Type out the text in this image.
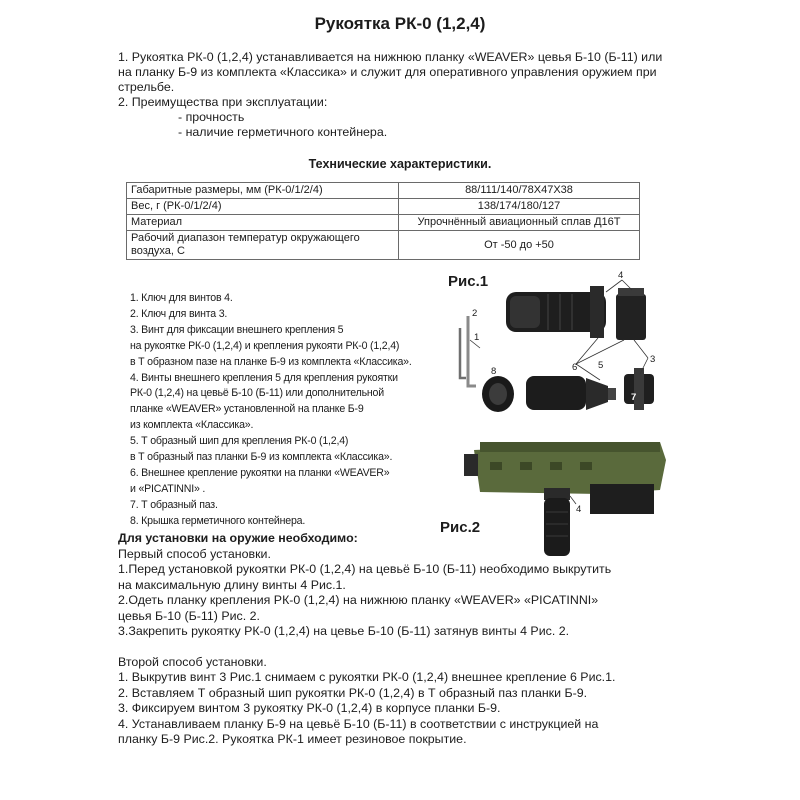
Рукоятка РК-0 (1,2,4)

1. Рукоятка РК-0 (1,2,4) устанавливается на нижнюю планку «WEAVER» цевья Б-10 (Б-11) или

на планку Б-9 из комплекта «Классика» и служит для оперативного управления оружием при

стрельбе.

2. Преимущества при эксплуатации:

- прочность

- наличие герметичного контейнера.

Технические характеристики.
Габаритные размеры, мм (РК-0/1/2/4)	88/111/140/78Х47Х38
Вес, г (РК-0/1/2/4)	138/174/180/127
Материал	Упрочнённый авиационный сплав Д16Т
Рабочий диапазон температур окружающего воздуха, С	От -50 до +50
1. Ключ для винтов 4.
2. Ключ для винта 3.
3. Винт для фиксации внешнего крепления 5
на рукоятке РК-0 (1,2,4) и крепления рукояти РК-0 (1,2,4)
в Т образном пазе на планке Б-9 из комплекта «Классика».
4. Винты внешнего крепления 5 для крепления рукоятки
РК-0 (1,2,4) на цевьё Б-10 (Б-11) или дополнительной
планке «WEAVER» установленной на планке Б-9
из комплекта «Классика».
5. Т образный шип для крепления РК-0 (1,2,4)
в Т образный паз планки Б-9 из комплекта «Классика».
6. Внешнее крепление рукоятки на планки «WEAVER»
и «PICATINNI» .
7. Т образный паз.
8. Крышка герметичного контейнера.
Рис.1	4
2
1
6 5
3
8
7
4
Рис.2
Для установки на оружие необходимо:
Первый способ установки.
1.Перед установкой рукоятки РК-0 (1,2,4) на цевьё Б-10 (Б-11) необходимо выкрутить
на максимальную длину винты 4 Рис.1.
2.Одеть планку крепления РК-0 (1,2,4) на нижнюю планку «WEAVER» «PICATINNI»
цевья Б-10 (Б-11) Рис. 2.
3.Закрепить рукоятку РК-0 (1,2,4) на цевье Б-10 (Б-11) затянув винты 4 Рис. 2.
Второй способ установки.
1. Выкрутив винт 3 Рис.1 снимаем с рукоятки РК-0 (1,2,4) внешнее крепление 6 Рис.1.
2. Вставляем Т образный шип рукоятки РК-0 (1,2,4) в Т образный паз планки Б-9.
3. Фиксируем винтом 3 рукоятку РК-0 (1,2,4) в корпусе планки Б-9.
4. Устанавливаем планку Б-9 на цевьё Б-10 (Б-11) в соответствии с инструкцией на
планку Б-9 Рис.2. Рукоятка РК-1 имеет резиновое покрытие.
